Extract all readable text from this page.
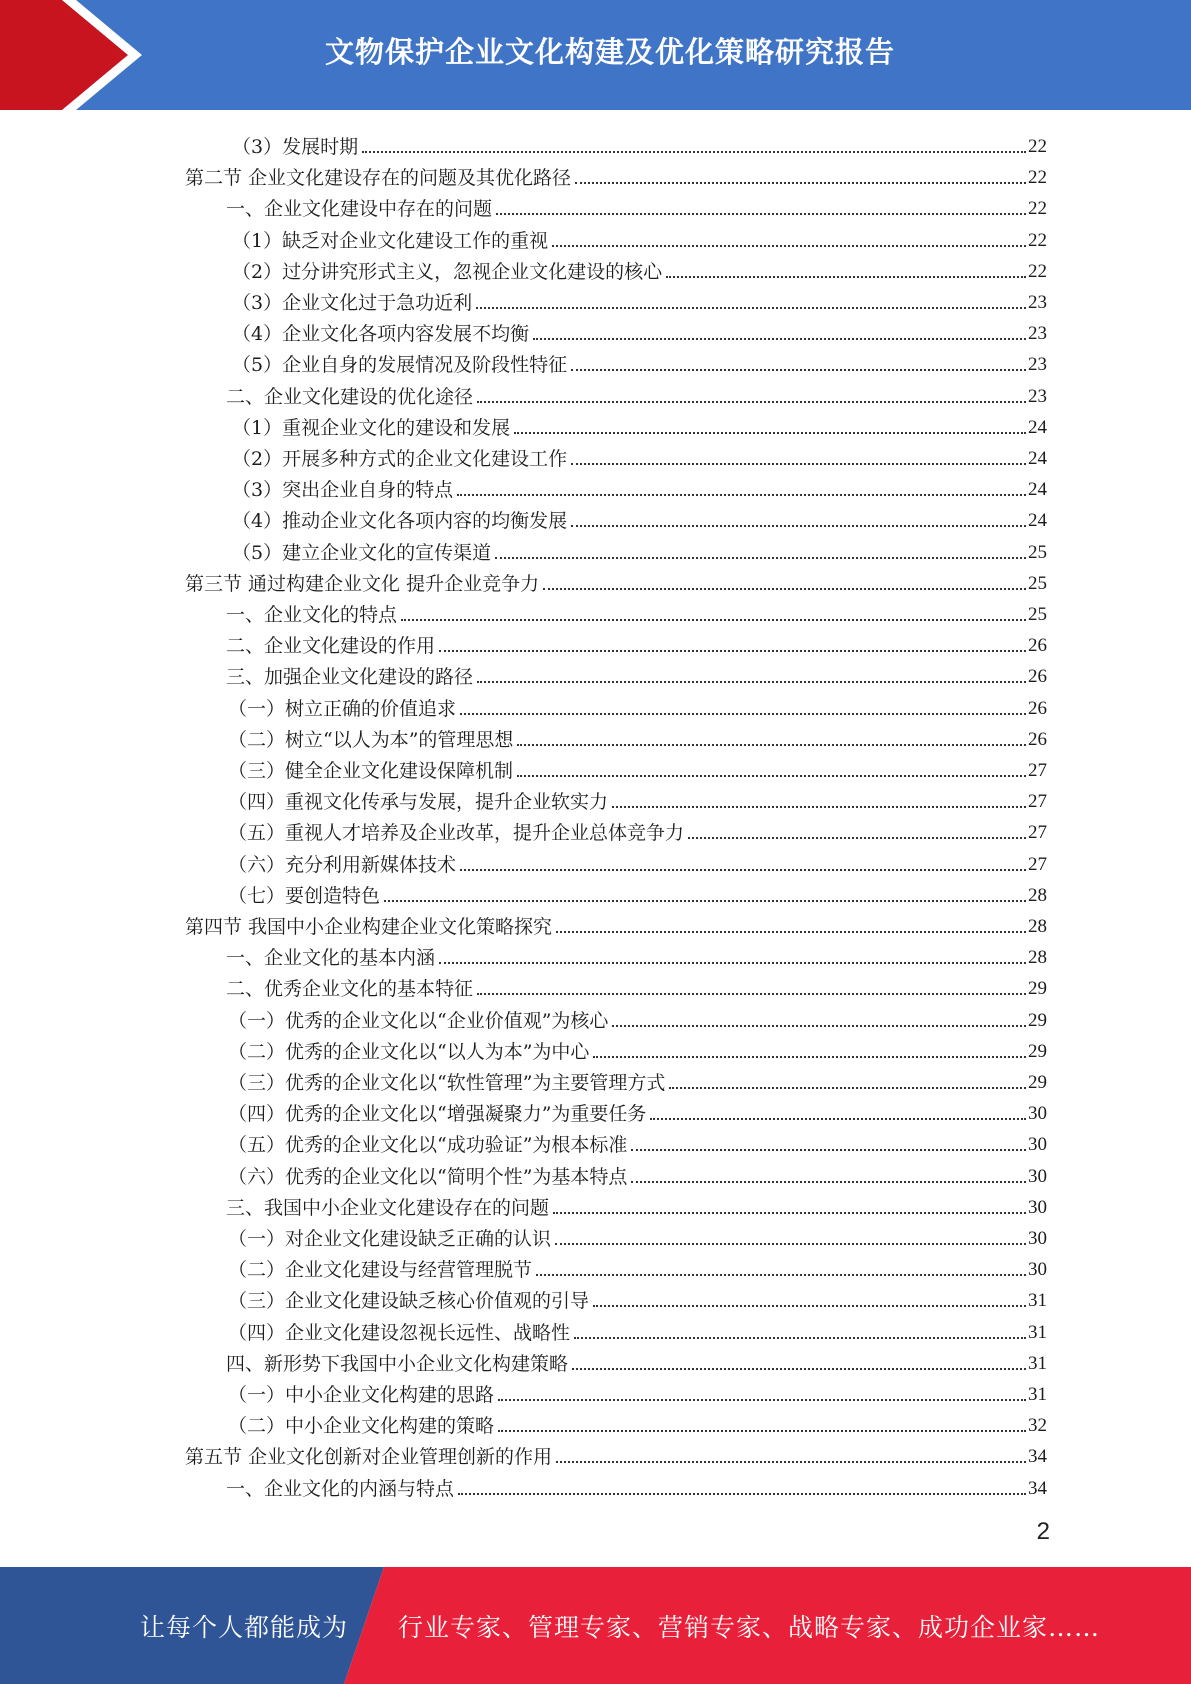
文物保护企业文化构建及优化策略研究报告
（3）发展时期	22
第二节 企业文化建设存在的问题及其优化路径	22
一、企业文化建设中存在的问题	22
（1）缺乏对企业文化建设工作的重视	22
（2）过分讲究形式主义，忽视企业文化建设的核心	22
（3）企业文化过于急功近利	23
（4）企业文化各项内容发展不均衡	23
（5）企业自身的发展情况及阶段性特征	23
二、企业文化建设的优化途径	23
（1）重视企业文化的建设和发展	24
（2）开展多种方式的企业文化建设工作	24
（3）突出企业自身的特点	24
（4）推动企业文化各项内容的均衡发展	24
（5）建立企业文化的宣传渠道	25
第三节 通过构建企业文化 提升企业竞争力	25
一、企业文化的特点	25
二、企业文化建设的作用	26
三、加强企业文化建设的路径	26
（一）树立正确的价值追求	26
（二）树立“以人为本”的管理思想	26
（三）健全企业文化建设保障机制	27
（四）重视文化传承与发展，提升企业软实力	27
（五）重视人才培养及企业改革，提升企业总体竞争力	27
（六）充分利用新媒体技术	27
（七）要创造特色	28
第四节 我国中小企业构建企业文化策略探究	28
一、企业文化的基本内涵	28
二、优秀企业文化的基本特征	29
（一）优秀的企业文化以“企业价值观”为核心	29
（二）优秀的企业文化以“以人为本”为中心	29
（三）优秀的企业文化以“软性管理”为主要管理方式	29
（四）优秀的企业文化以“增强凝聚力”为重要任务	30
（五）优秀的企业文化以“成功验证”为根本标准	30
（六）优秀的企业文化以“简明个性”为基本特点	30
三、我国中小企业文化建设存在的问题	30
（一）对企业文化建设缺乏正确的认识	30
（二）企业文化建设与经营管理脱节	30
（三）企业文化建设缺乏核心价值观的引导	31
（四）企业文化建设忽视长远性、战略性	31
四、新形势下我国中小企业文化构建策略	31
（一）中小企业文化构建的思路	31
（二）中小企业文化构建的策略	32
第五节 企业文化创新对企业管理创新的作用	34
一、企业文化的内涵与特点	34
2
让每个人都能成为 行业专家、管理专家、营销专家、战略专家、成功企业家……
